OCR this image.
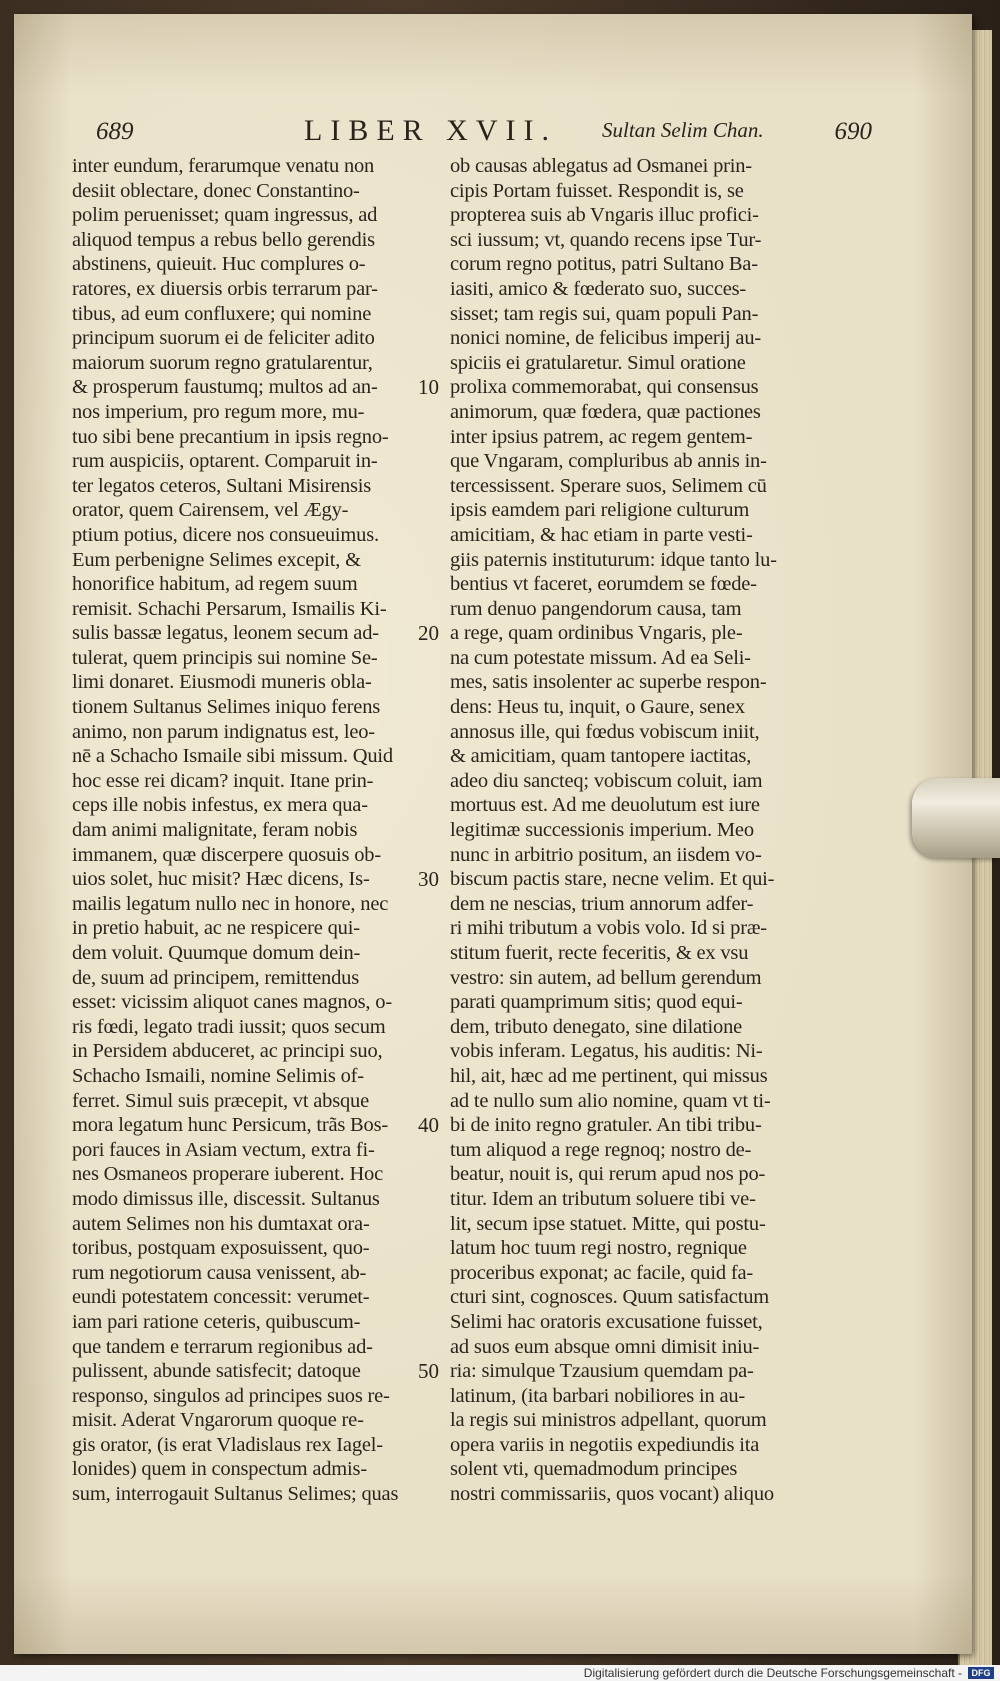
689	LIBER XVII. Sultan Selim Chan.	690
inter eundum, ferarumque venatu non
desiit oblectare, donec Constantino-
polim peruenisset; quam ingressus, ad
aliquod tempus a rebus bello gerendis
abstinens, quieuit. Huc complures o-
ratores, ex diuersis orbis terrarum par-
tibus, ad eum confluxere; qui nomine
principum suorum ei de feliciter adito
maiorum suorum regno gratularentur,
& prosperum faustumq; multos ad an-
nos imperium, pro regum more, mu-
tuo sibi bene precantium in ipsis regno-
rum auspiciis, optarent. Comparuit in-
ter legatos ceteros, Sultani Misirensis
orator, quem Cairensem, vel Ægy-
ptium potius, dicere nos consueuimus.
Eum perbenigne Selimes excepit, &
honorifice habitum, ad regem suum
remisit. Schachi Persarum, Ismailis Ki-
sulis bassæ legatus, leonem secum ad-
tulerat, quem principis sui nomine Se-
limi donaret. Eiusmodi muneris obla-
tionem Sultanus Selimes iniquo ferens
animo, non parum indignatus est, leo-
nē a Schacho Ismaile sibi missum. Quid
hoc esse rei dicam? inquit. Itane prin-
ceps ille nobis infestus, ex mera qua-
dam animi malignitate, feram nobis
immanem, quæ discerpere quosuis ob-
uios solet, huc misit? Hæc dicens, Is-
mailis legatum nullo nec in honore, nec
in pretio habuit, ac ne respicere qui-
dem voluit. Quumque domum dein-
de, suum ad principem, remittendus
esset: vicissim aliquot canes magnos, o-
ris fœdi, legato tradi iussit; quos secum
in Persidem abduceret, ac principi suo,
Schacho Ismaili, nomine Selimis of-
ferret. Simul suis præcepit, vt absque
mora legatum hunc Persicum, trãs Bos-
pori fauces in Asiam vectum, extra fi-
nes Osmaneos properare iuberent. Hoc
modo dimissus ille, discessit. Sultanus
autem Selimes non his dumtaxat ora-
toribus, postquam exposuissent, quo-
rum negotiorum causa venissent, ab-
eundi potestatem concessit: verumet-
iam pari ratione ceteris, quibuscum-
que tandem e terrarum regionibus ad-
pulissent, abunde satisfecit; datoque
responso, singulos ad principes suos re-
misit. Aderat Vngarorum quoque re-
gis orator, (is erat Vladislaus rex Iagel-
lonides) quem in conspectum admis-
sum, interrogauit Sultanus Selimes; quas
ob causas ablegatus ad Osmanei prin-
cipis Portam fuisset. Respondit is, se
propterea suis ab Vngaris illuc profici-
sci iussum; vt, quando recens ipse Tur-
corum regno potitus, patri Sultano Ba-
iasiti, amico & fœderato suo, succes-
sisset; tam regis sui, quam populi Pan-
nonici nomine, de felicibus imperij au-
spiciis ei gratularetur. Simul oratione
prolixa commemorabat, qui consensus
animorum, quæ fœdera, quæ pactiones
inter ipsius patrem, ac regem gentem-
que Vngaram, compluribus ab annis in-
tercessissent. Sperare suos, Selimem cū
ipsis eamdem pari religione culturum
amicitiam, & hac etiam in parte vesti-
giis paternis instituturum: idque tanto lu-
bentius vt faceret, eorumdem se fœde-
rum denuo pangendorum causa, tam
a rege, quam ordinibus Vngaris, ple-
na cum potestate missum. Ad ea Seli-
mes, satis insolenter ac superbe respon-
dens: Heus tu, inquit, o Gaure, senex
annosus ille, qui fœdus vobiscum iniit,
& amicitiam, quam tantopere iactitas,
adeo diu sancteq; vobiscum coluit, iam
mortuus est. Ad me deuolutum est iure
legitimæ successionis imperium. Meo
nunc in arbitrio positum, an iisdem vo-
biscum pactis stare, necne velim. Et qui-
dem ne nescias, trium annorum adfer-
ri mihi tributum a vobis volo. Id si præ-
stitum fuerit, recte feceritis, & ex vsu
vestro: sin autem, ad bellum gerendum
parati quamprimum sitis; quod equi-
dem, tributo denegato, sine dilatione
vobis inferam. Legatus, his auditis: Ni-
hil, ait, hæc ad me pertinent, qui missus
ad te nullo sum alio nomine, quam vt ti-
bi de inito regno gratuler. An tibi tribu-
tum aliquod a rege regnoq; nostro de-
beatur, nouit is, qui rerum apud nos po-
titur. Idem an tributum soluere tibi ve-
lit, secum ipse statuet. Mitte, qui postu-
latum hoc tuum regi nostro, regnique
proceribus exponat; ac facile, quid fa-
cturi sint, cognosces. Quum satisfactum
Selimi hac oratoris excusatione fuisset,
ad suos eum absque omni dimisit iniu-
ria: simulque Tzausium quemdam pa-
latinum, (ita barbari nobiliores in au-
la regis sui ministros adpellant, quorum
opera variis in negotiis expediundis ita
solent vti, quemadmodum principes
nostri commissariis, quos vocant) aliquo
10
20
30
40
50
Digitalisierung gefördert durch die Deutsche Forschungsgemeinschaft -	DFG
